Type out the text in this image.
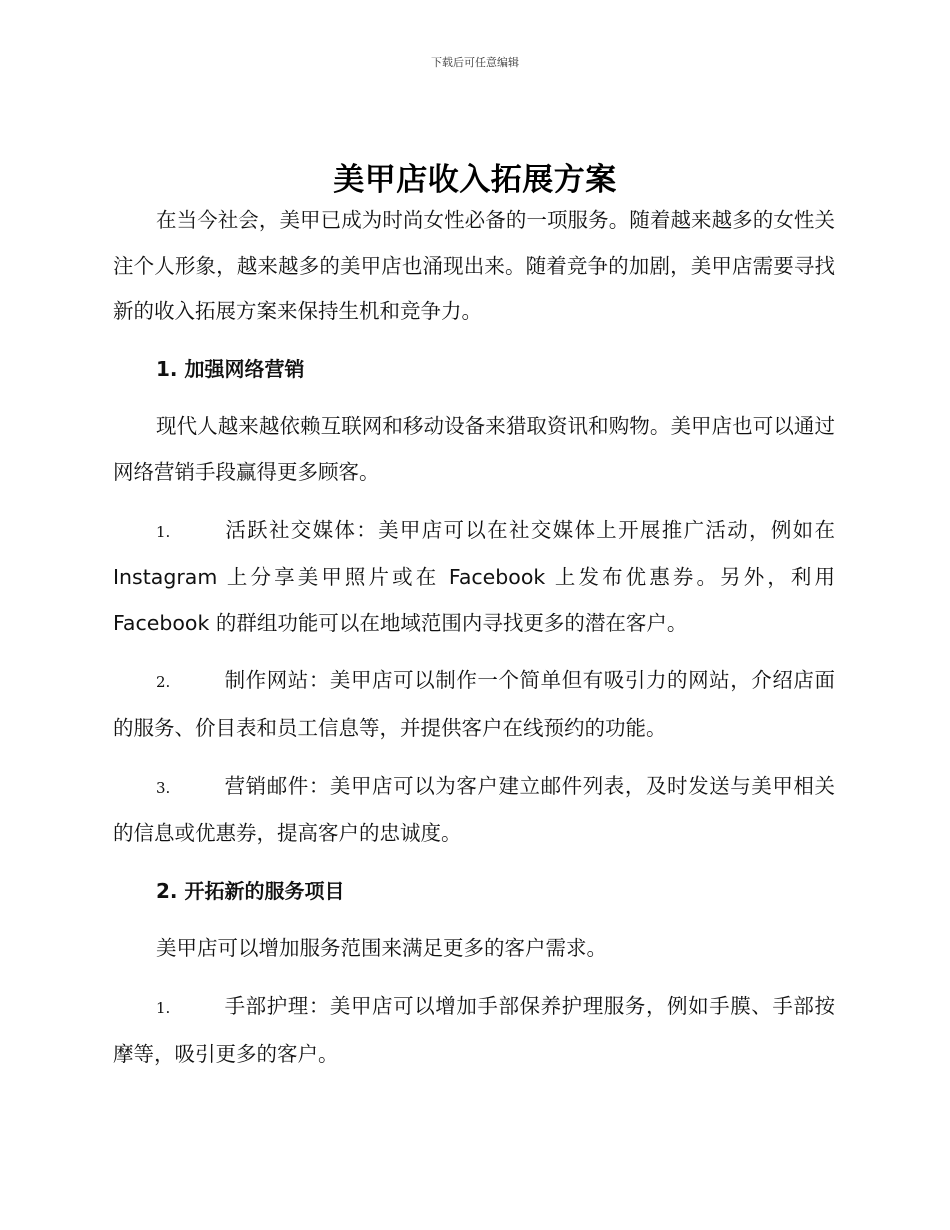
下载后可任意编辑
美甲店收入拓展方案

在当今社会，美甲已成为时尚女性必备的一项服务。随着越来越多的女性关注个人形象，越来越多的美甲店也涌现出来。随着竞争的加剧，美甲店需要寻找新的收入拓展方案来保持生机和竞争力。

1. 加强网络营销

现代人越来越依赖互联网和移动设备来猎取资讯和购物。美甲店也可以通过网络营销手段赢得更多顾客。

1.	活跃社交媒体：美甲店可以在社交媒体上开展推广活动，例如在 Instagram 上分享美甲照片或在 Facebook 上发布优惠券。另外，利用 Facebook 的群组功能可以在地域范围内寻找更多的潜在客户。

2.	制作网站：美甲店可以制作一个简单但有吸引力的网站，介绍店面的服务、价目表和员工信息等，并提供客户在线预约的功能。

3.	营销邮件：美甲店可以为客户建立邮件列表，及时发送与美甲相关的信息或优惠券，提高客户的忠诚度。

2. 开拓新的服务项目

美甲店可以增加服务范围来满足更多的客户需求。

1.	手部护理：美甲店可以增加手部保养护理服务，例如手膜、手部按摩等，吸引更多的客户。
